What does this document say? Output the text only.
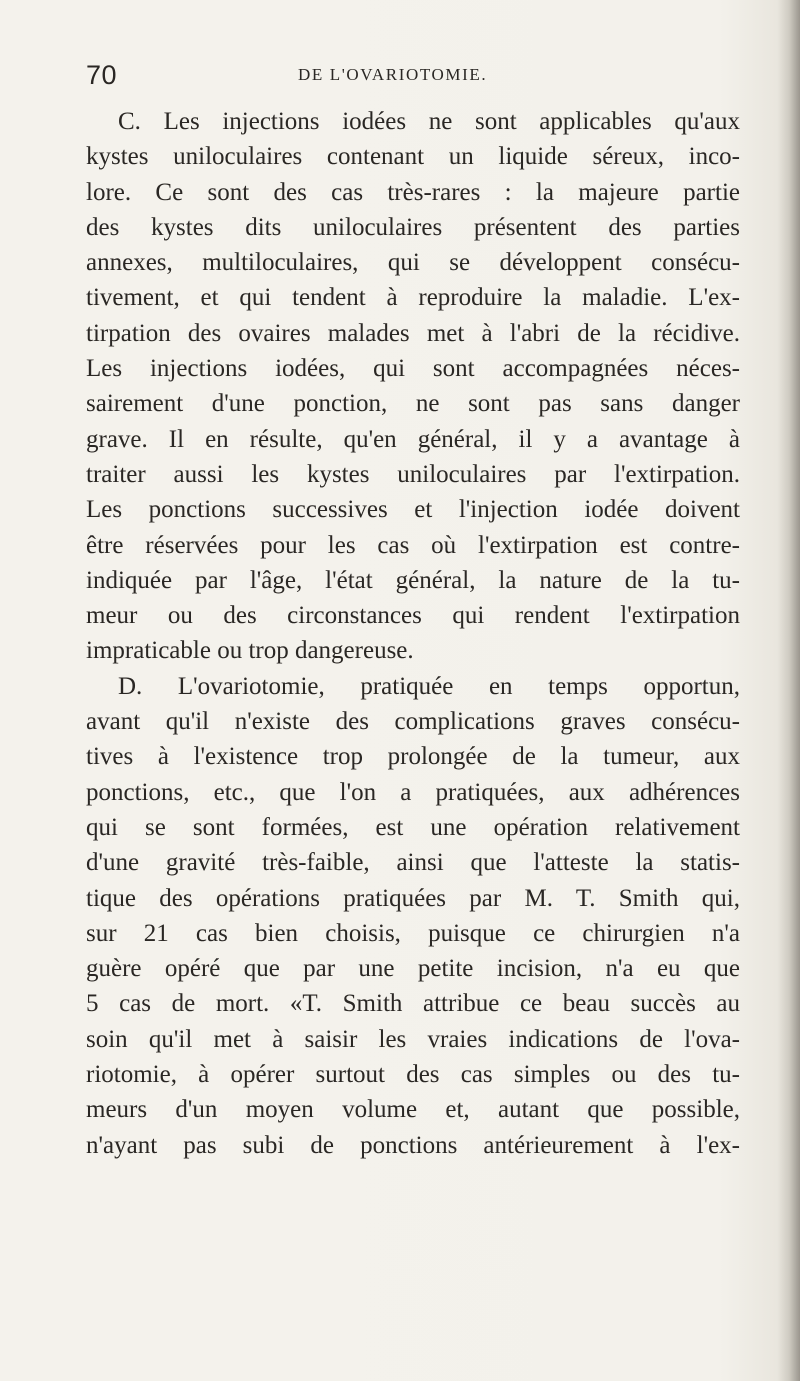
70	DE L'OVARIOTOMIE.
C. Les injections iodées ne sont applicables qu'aux
kystes uniloculaires contenant un liquide séreux, inco-
lore. Ce sont des cas très-rares : la majeure partie
des kystes dits uniloculaires présentent des parties
annexes, multiloculaires, qui se développent consécu-
tivement, et qui tendent à reproduire la maladie. L'ex-
tirpation des ovaires malades met à l'abri de la récidive.
Les injections iodées, qui sont accompagnées néces-
sairement d'une ponction, ne sont pas sans danger
grave. Il en résulte, qu'en général, il y a avantage à
traiter aussi les kystes uniloculaires par l'extirpation.
Les ponctions successives et l'injection iodée doivent
être réservées pour les cas où l'extirpation est contre-
indiquée par l'âge, l'état général, la nature de la tu-
meur ou des circonstances qui rendent l'extirpation
impraticable ou trop dangereuse.
D. L'ovariotomie, pratiquée en temps opportun,
avant qu'il n'existe des complications graves consécu-
tives à l'existence trop prolongée de la tumeur, aux
ponctions, etc., que l'on a pratiquées, aux adhérences
qui se sont formées, est une opération relativement
d'une gravité très-faible, ainsi que l'atteste la statis-
tique des opérations pratiquées par M. T. Smith qui,
sur 21 cas bien choisis, puisque ce chirurgien n'a
guère opéré que par une petite incision, n'a eu que
5 cas de mort. «T. Smith attribue ce beau succès au
soin qu'il met à saisir les vraies indications de l'ova-
riotomie, à opérer surtout des cas simples ou des tu-
meurs d'un moyen volume et, autant que possible,
n'ayant pas subi de ponctions antérieurement à l'ex-
